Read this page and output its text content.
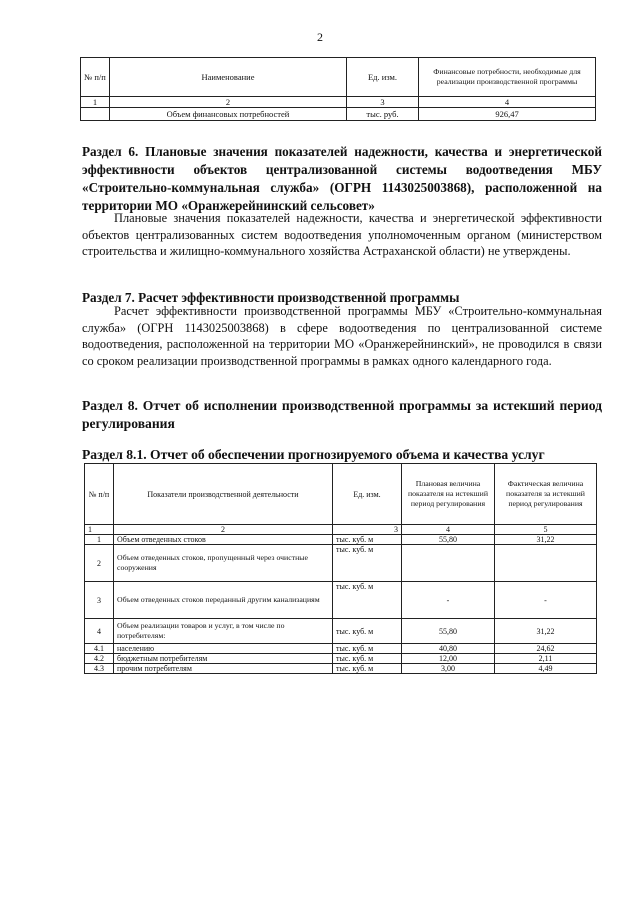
2
№ п/п	Наименование	Ед. изм.	Финансовые потребности, необходимые для реализации производственной программы
1	2	3	4
	Объем финансовых потребностей	тыс. руб.	926,47

Раздел 6. Плановые значения показателей надежности, качества и энергетической эффективности объектов централизованной системы водоотведения МБУ «Строительно-коммунальная служба» (ОГРН 1143025003868), расположенной на территории МО «Оранжерейнинский сельсовет»

Плановые значения показателей надежности, качества и энергетической эффективности объектов централизованных систем водоотведения уполномоченным органом (министерством строительства и жилищно-коммунального хозяйства Астраханской области) не утверждены.

Раздел 7. Расчет эффективности производственной программы

Расчет эффективности производственной программы МБУ «Строительно-коммунальная служба» (ОГРН 1143025003868) в сфере водоотведения по централизованной системе водоотведения, расположенной на территории МО «Оранжерейнинский», не проводился в связи со сроком реализации производственной программы в рамках одного календарного года.

Раздел 8. Отчет об исполнении производственной программы за истекший период регулирования

Раздел 8.1. Отчет об обеспечении прогнозируемого объема и качества услуг

№ п/п	Показатели производственной деятельности	Ед. изм.	Плановая величина показателя на истекший период регулирования	Фактическая величина показателя за истекший период регулирования
1	2	3	4	5
1	Объем отведенных стоков	тыс. куб. м	55,80	31,22
2	Объем отведенных стоков, пропущенный через очистные сооружения	тыс. куб. м		
3	Объем отведенных стоков переданный другим канализациям	тыс. куб. м	-	-
4	Объем реализации товаров и услуг, в том числе по потребителям:	тыс. куб. м	55,80	31,22
4.1	населению	тыс. куб. м	40,80	24,62
4.2	бюджетным потребителям	тыс. куб. м	12,00	2,11
4.3	прочим потребителям	тыс. куб. м	3,00	4,49
